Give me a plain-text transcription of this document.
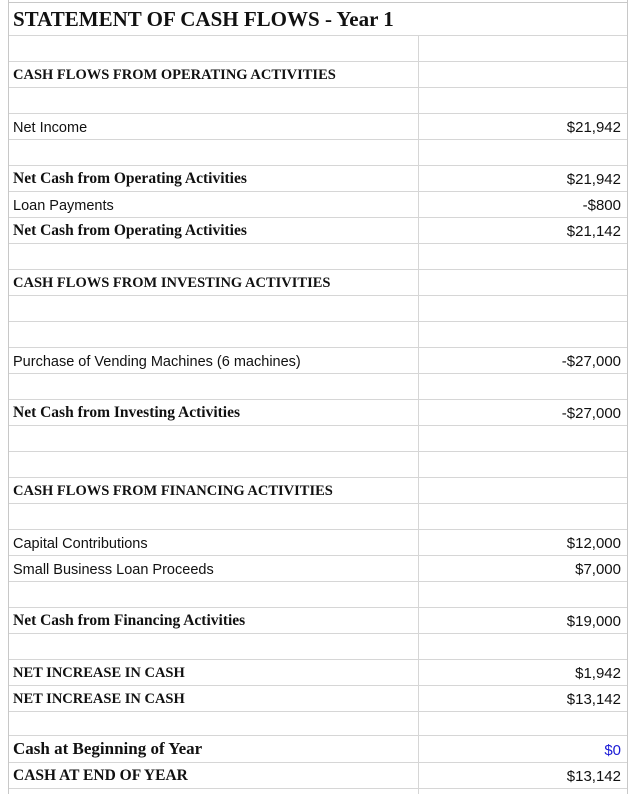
STATEMENT OF CASH FLOWS - Year 1
CASH FLOWS FROM OPERATING ACTIVITIES
Net Income	$21,942
Net Cash from Operating Activities	$21,942
Loan Payments	-$800
Net Cash from Operating Activities	$21,142
CASH FLOWS FROM INVESTING ACTIVITIES
Purchase of Vending Machines (6 machines)	-$27,000
Net Cash from Investing Activities	-$27,000
CASH FLOWS FROM FINANCING ACTIVITIES
Capital Contributions	$12,000
Small Business Loan Proceeds	$7,000
Net Cash from Financing Activities	$19,000
NET INCREASE IN CASH	$1,942
NET INCREASE IN CASH	$13,142
Cash at Beginning of Year	$0
CASH AT END OF YEAR	$13,142
